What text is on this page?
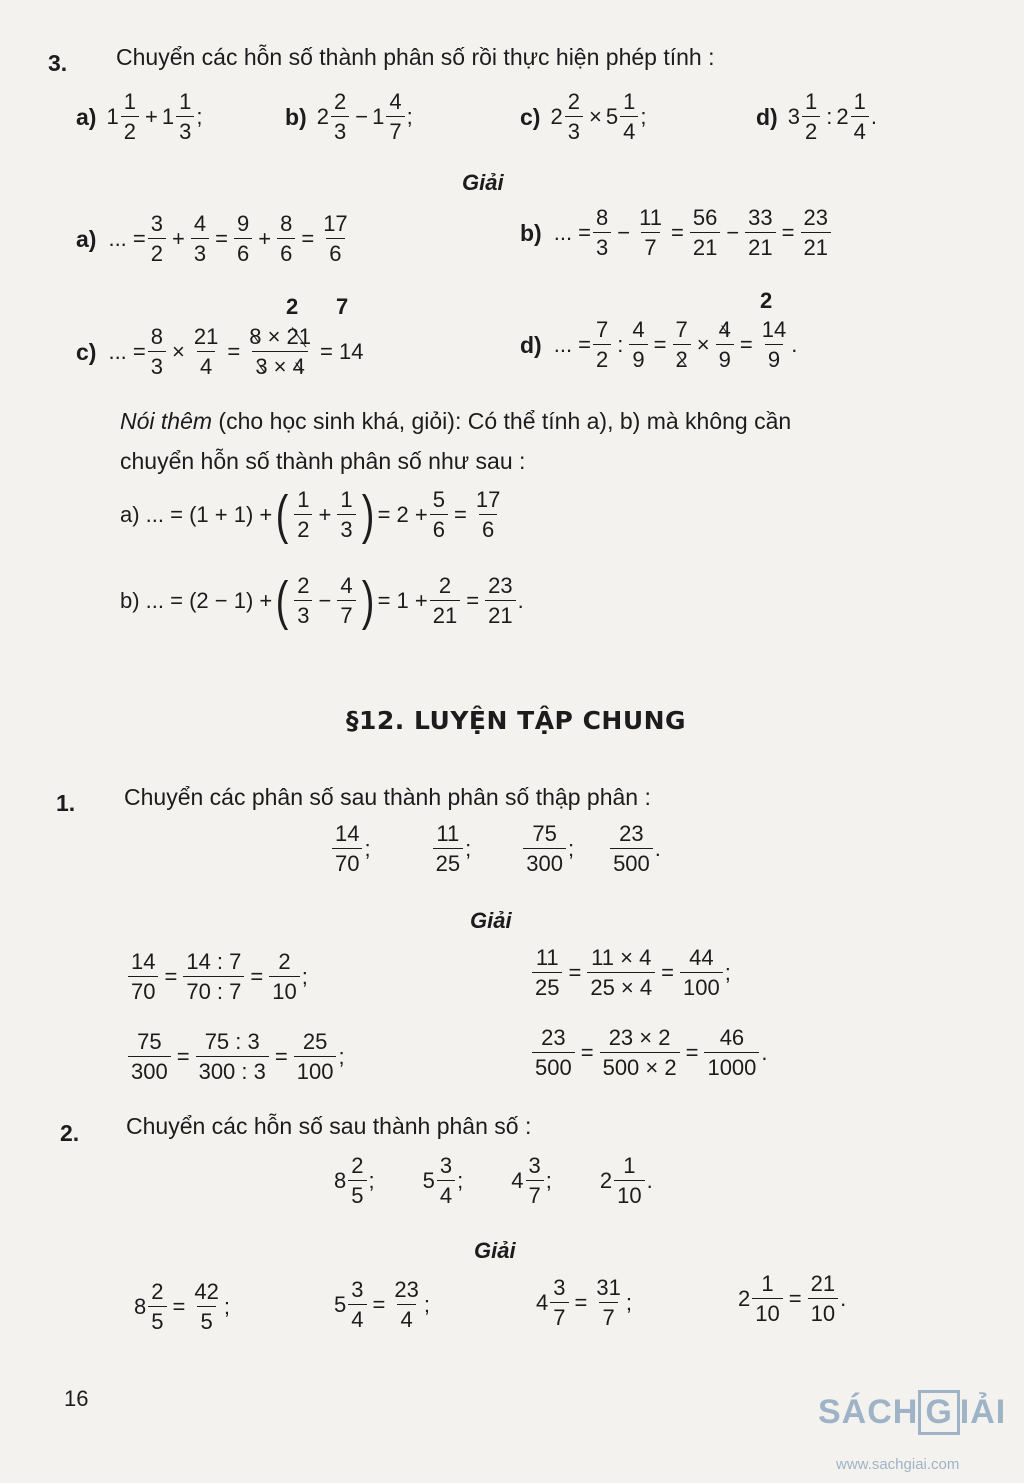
3. Chuyển các hỗn số thành phân số rồi thực hiện phép tính :
a) $1 \frac{1}{2} + 1 \frac{1}{3}$ ;	b) $2 \frac{2}{3} - 1 \frac{4}{7}$ ;	c) $2 \frac{2}{3} \times 5 \frac{1}{4}$ ;	d) $3 \frac{1}{2}$ : $2 \frac{1}{4}$ .
Giải
a) ... = $\frac{3}{2} + \frac{4}{3} = \frac{9}{6} + \frac{8}{6} = \frac{17}{6}$	b) ... = $\frac{8}{3} - \frac{11}{7} = \frac{56}{21} - \frac{33}{21} = \frac{23}{21}$
c) ... = $\frac{8}{3} \times \frac{21}{4} = \frac{8 \times 21}{3 \times 4} = 14$
2 7
d) ... = $\frac{7}{2}$ : $\frac{4}{9} = \frac{7}{2} \times \frac{4}{9} = \frac{14}{9}$ .
2
Nói thêm (cho học sinh khá, giỏi): Có thể tính a), b) mà không cần
chuyển hỗn số thành phân số như sau :
a) ... = (1 + 1) + ( $\frac{1}{2} + \frac{1}{3}$ ) = $2 + \frac{5}{6} = \frac{17}{6}$
b) ... = (2 − 1) + ( $\frac{2}{3} - \frac{4}{7}$ ) = $1 + \frac{2}{21} = \frac{23}{21}$ .
§12. LUYỆN TẬP CHUNG
1. Chuyển các phân số sau thành phân số thập phân :
$\frac{14}{70}$ ;	$\frac{11}{25}$ ; $\frac{75}{300}$ ; $\frac{23}{500}$ .
Giải
$\frac{14}{70} = \frac{14 : 7}{70 : 7} = \frac{2}{10}$ ;	$\frac{11}{25} = \frac{11 \times 4}{25 \times 4} = \frac{44}{100}$ ;
$\frac{75}{300} = \frac{75 : 3}{300 : 3} = \frac{25}{100}$ ;	$\frac{23}{500} = \frac{23 \times 2}{500 \times 2} = \frac{46}{1000}$ .
2. Chuyển các hỗn số sau thành phân số :
$8 \frac{2}{5}$ ; $5 \frac{3}{4}$ ; $4 \frac{3}{7}$ ; $2 \frac{1}{10}$ .
Giải
$8 \frac{2}{5} = \frac{42}{5}$ ;	$5 \frac{3}{4} = \frac{23}{4}$ ;	$4 \frac{3}{7} = \frac{31}{7}$ ;	$2 \frac{1}{10} = \frac{21}{10}$ .
16	SÁCH G IẢI
www.sachgiai.com
